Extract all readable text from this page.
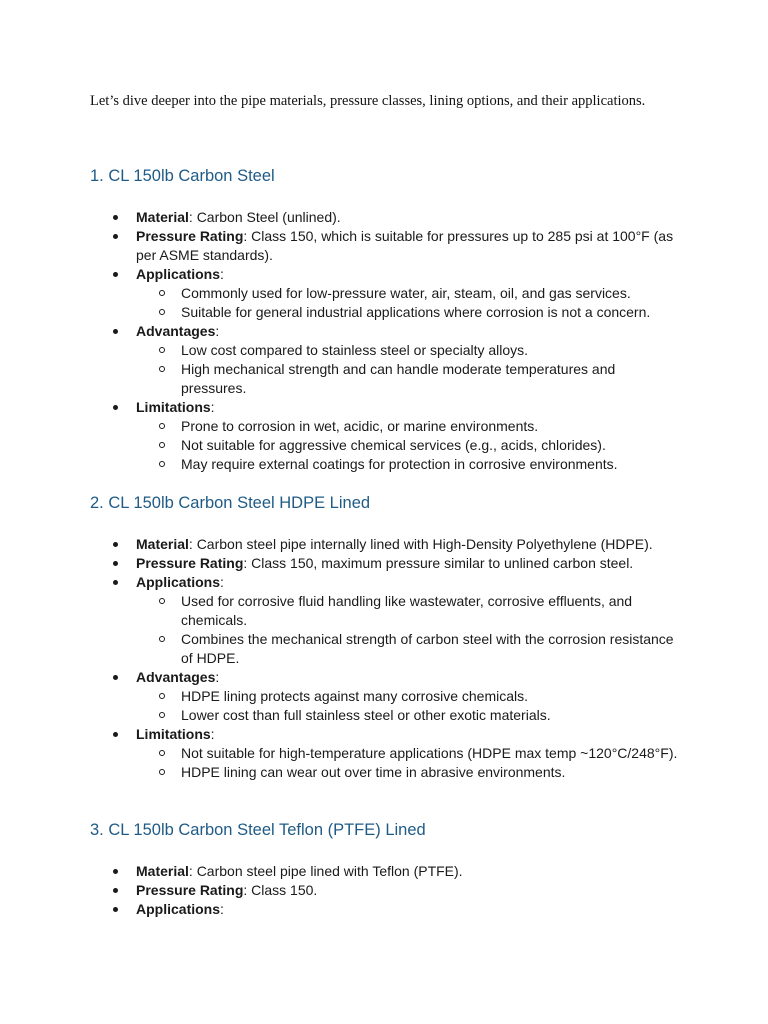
Let’s dive deeper into the pipe materials, pressure classes, lining options, and their applications.
1. CL 150lb Carbon Steel
Material: Carbon Steel (unlined).
Pressure Rating: Class 150, which is suitable for pressures up to 285 psi at 100°F (as per ASME standards).
Applications:
Commonly used for low-pressure water, air, steam, oil, and gas services.
Suitable for general industrial applications where corrosion is not a concern.
Advantages:
Low cost compared to stainless steel or specialty alloys.
High mechanical strength and can handle moderate temperatures and pressures.
Limitations:
Prone to corrosion in wet, acidic, or marine environments.
Not suitable for aggressive chemical services (e.g., acids, chlorides).
May require external coatings for protection in corrosive environments.
2. CL 150lb Carbon Steel HDPE Lined
Material: Carbon steel pipe internally lined with High-Density Polyethylene (HDPE).
Pressure Rating: Class 150, maximum pressure similar to unlined carbon steel.
Applications:
Used for corrosive fluid handling like wastewater, corrosive effluents, and chemicals.
Combines the mechanical strength of carbon steel with the corrosion resistance of HDPE.
Advantages:
HDPE lining protects against many corrosive chemicals.
Lower cost than full stainless steel or other exotic materials.
Limitations:
Not suitable for high-temperature applications (HDPE max temp ~120°C/248°F).
HDPE lining can wear out over time in abrasive environments.
3. CL 150lb Carbon Steel Teflon (PTFE) Lined
Material: Carbon steel pipe lined with Teflon (PTFE).
Pressure Rating: Class 150.
Applications:
